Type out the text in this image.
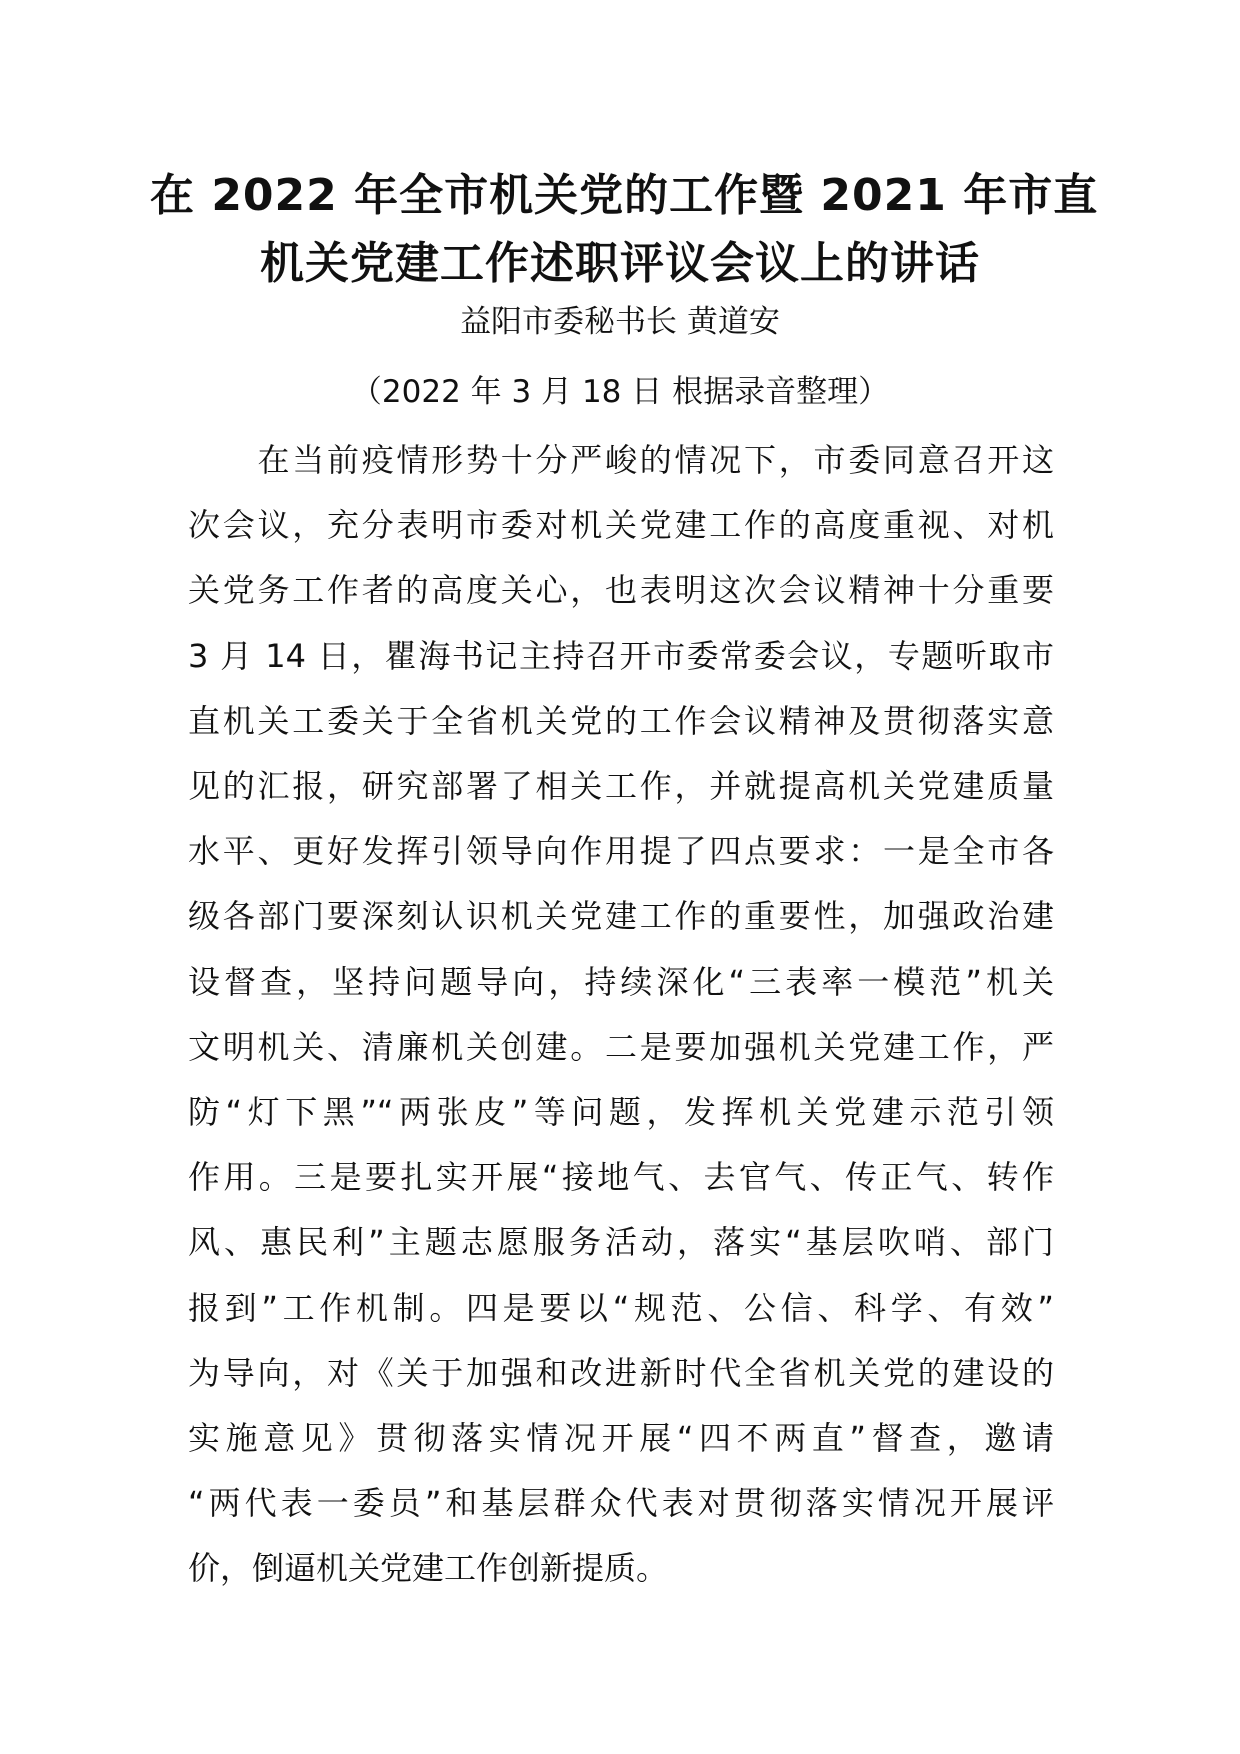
在 2022 年全市机关党的工作暨 2021 年市直
机关党建工作述职评议会议上的讲话

益阳市委秘书长 黄道安

（2022 年 3 月 18 日 根据录音整理）

　　在当前疫情形势十分严峻的情况下，市委同意召开这
次会议，充分表明市委对机关党建工作的高度重视、对机
关党务工作者的高度关心，也表明这次会议精神十分重要
3 月 14 日，瞿海书记主持召开市委常委会议，专题听取市
直机关工委关于全省机关党的工作会议精神及贯彻落实意
见的汇报，研究部署了相关工作，并就提高机关党建质量
水平、更好发挥引领导向作用提了四点要求：一是全市各
级各部门要深刻认识机关党建工作的重要性，加强政治建
设督查，坚持问题导向，持续深化“三表率一模范”机关
文明机关、清廉机关创建。二是要加强机关党建工作，严
防“灯下黑”“两张皮”等问题，发挥机关党建示范引领
作用。三是要扎实开展“接地气、去官气、传正气、转作
风、惠民利”主题志愿服务活动，落实“基层吹哨、部门
报到”工作机制。四是要以“规范、公信、科学、有效”
为导向，对《关于加强和改进新时代全省机关党的建设的
实施意见》贯彻落实情况开展“四不两直”督查，邀请
“两代表一委员”和基层群众代表对贯彻落实情况开展评
价，倒逼机关党建工作创新提质。
